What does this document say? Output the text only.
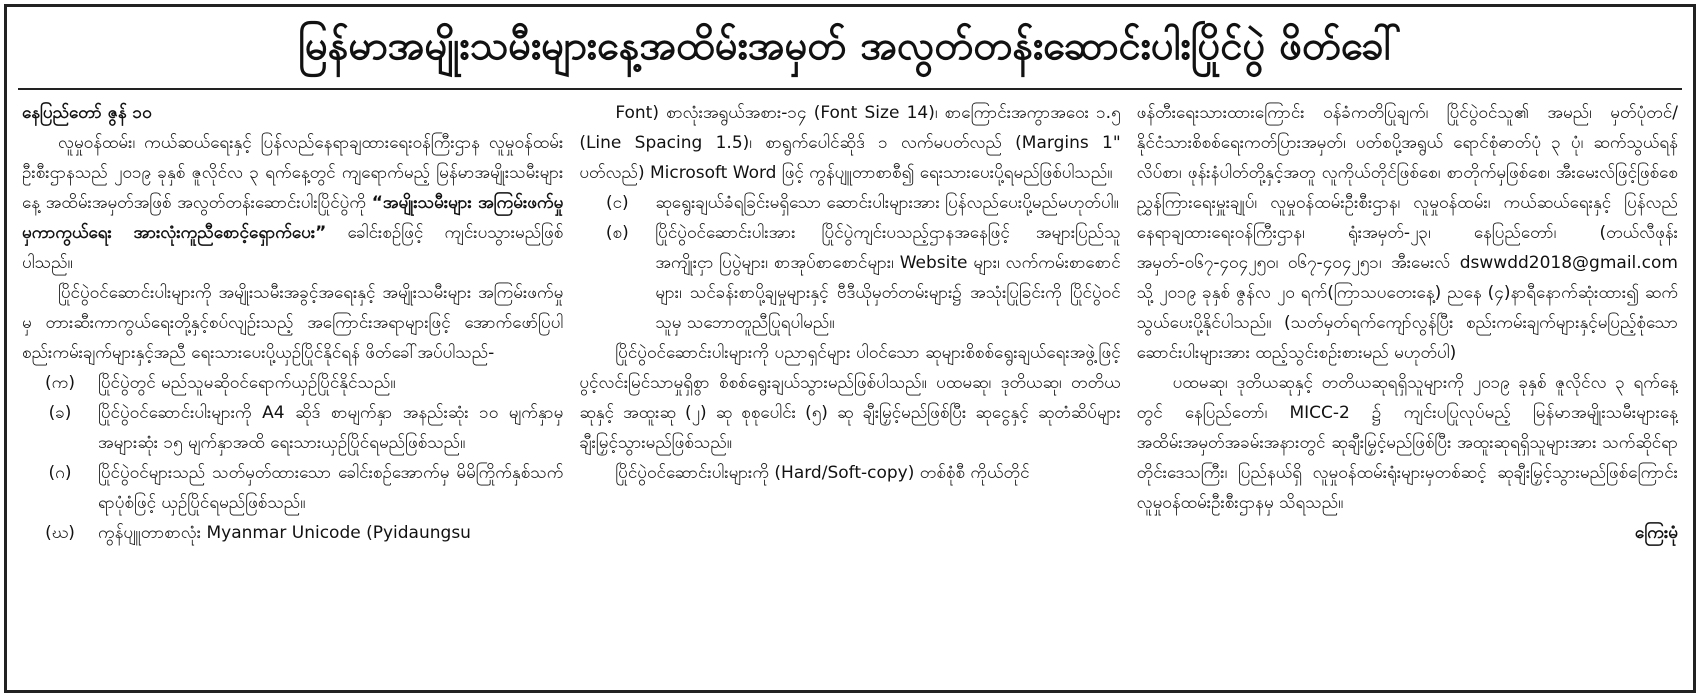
မြန်မာအမျိုးသမီးများနေ့အထိမ်းအမှတ် အလွတ်တန်းဆောင်းပါးပြိုင်ပွဲ ဖိတ်ခေါ်

နေပြည်တော် ဇွန် ၁၀

လူမှုဝန်ထမ်း၊ ကယ်ဆယ်ရေးနှင့် ပြန်လည်နေရာချထားရေးဝန်ကြီးဌာန လူမှုဝန်ထမ်းဦးစီးဌာနသည် ၂၀၁၉ ခုနှစ် ဇူလိုင်လ ၃ ရက်နေ့တွင် ကျရောက်မည့် မြန်မာအမျိုးသမီးများနေ့ အထိမ်းအမှတ်အဖြစ် အလွတ်တန်းဆောင်းပါးပြိုင်ပွဲကို “အမျိုးသမီးများ အကြမ်းဖက်မှုမှကာကွယ်ရေး အားလုံးကူညီစောင့်ရှောက်ပေး” ခေါင်းစဉ်ဖြင့် ကျင်းပသွားမည်ဖြစ်ပါသည်။

ပြိုင်ပွဲဝင်ဆောင်းပါးများကို အမျိုးသမီးအခွင့်အရေးနှင့် အမျိုးသမီးများ အကြမ်းဖက်မှုမှ တားဆီးကာကွယ်ရေးတို့နှင့်စပ်လျဉ်းသည့် အကြောင်းအရာများဖြင့် အောက်ဖော်ပြပါ စည်းကမ်းချက်များနှင့်အညီ ရေးသားပေးပို့ယှဉ်ပြိုင်နိုင်ရန် ဖိတ်ခေါ်အပ်ပါသည်-

(က)	ပြိုင်ပွဲတွင် မည်သူမဆိုဝင်ရောက်ယှဉ်ပြိုင်နိုင်သည်။
(ခ)	ပြိုင်ပွဲဝင်ဆောင်းပါးများကို A4 ဆိုဒ် စာမျက်နှာ အနည်းဆုံး ၁၀ မျက်နှာမှ အများဆုံး ၁၅ မျက်နှာအထိ ရေးသားယှဉ်ပြိုင်ရမည်ဖြစ်သည်။
(ဂ)	ပြိုင်ပွဲဝင်များသည် သတ်မှတ်ထားသော ခေါင်းစဉ်အောက်မှ မိမိကြိုက်နှစ်သက်ရာပုံစံဖြင့် ယှဉ်ပြိုင်ရမည်ဖြစ်သည်။
(ဃ)	ကွန်ပျူတာစာလုံး Myanmar Unicode (Pyidaungsu

Font) စာလုံးအရွယ်အစား-၁၄ (Font Size 14)၊ စာကြောင်းအကွာအဝေး ၁.၅ (Line Spacing 1.5)၊ စာရွက်ပေါင်ဆိုဒ် ၁ လက်မပတ်လည် (Margins 1" ပတ်လည်) Microsoft Word ဖြင့် ကွန်ပျူတာစာစီ၍ ရေးသားပေးပို့ရမည်ဖြစ်ပါသည်။

(င)	ဆုရွေးချယ်ခံရခြင်းမရှိသော ဆောင်းပါးများအား ပြန်လည်ပေးပို့မည်မဟုတ်ပါ။
(စ)	ပြိုင်ပွဲဝင်ဆောင်းပါးအား ပြိုင်ပွဲကျင်းပသည့်ဌာနအနေဖြင့် အများပြည်သူအကျိုးငှာ ပြပွဲများ၊ စာအုပ်စာစောင်များ၊ Website များ၊ လက်ကမ်းစာစောင်များ၊ သင်ခန်းစာပို့ချမှုများနှင့် ဗီဒီယိုမှတ်တမ်းများ၌ အသုံးပြုခြင်းကို ပြိုင်ပွဲဝင်သူမှ သဘောတူညီပြုရပါမည်။

ပြိုင်ပွဲဝင်ဆောင်းပါးများကို ပညာရှင်များ ပါဝင်သော ဆုများစိစစ်ရွေးချယ်ရေးအဖွဲ့ဖြင့် ပွင့်လင်းမြင်သာမှုရှိစွာ စိစစ်ရွေးချယ်သွားမည်ဖြစ်ပါသည်။ ပထမဆု၊ ဒုတိယဆု၊ တတိယဆုနှင့် အထူးဆု (၂) ဆု စုစုပေါင်း (၅) ဆု ချီးမြှင့်မည်ဖြစ်ပြီး ဆုငွေနှင့် ဆုတံဆိပ်များ ချီးမြှင့်သွားမည်ဖြစ်သည်။

ပြိုင်ပွဲဝင်ဆောင်းပါးများကို (Hard/Soft-copy) တစ်စုံစီ ကိုယ်တိုင်

ဖန်တီးရေးသားထားကြောင်း ဝန်ခံကတိပြုချက်၊ ပြိုင်ပွဲဝင်သူ၏ အမည်၊ မှတ်ပုံတင်/နိုင်ငံသားစိစစ်ရေးကတ်ပြားအမှတ်၊ ပတ်စပို့အရွယ် ရောင်စုံဓာတ်ပုံ ၃ ပုံ၊ ဆက်သွယ်ရန်လိပ်စာ၊ ဖုန်းနံပါတ်တို့နှင့်အတူ လူကိုယ်တိုင်ဖြစ်စေ၊ စာတိုက်မှဖြစ်စေ၊ အီးမေးလ်ဖြင့်ဖြစ်စေ ညွှန်ကြားရေးမှူးချုပ်၊ လူမှုဝန်ထမ်းဦးစီးဌာန၊ လူမှုဝန်ထမ်း၊ ကယ်ဆယ်ရေးနှင့် ပြန်လည်နေရာချထားရေးဝန်ကြီးဌာန၊ ရုံးအမှတ်-၂၃၊ နေပြည်တော်၊ (တယ်လီဖုန်းအမှတ်-၀၆၇-၄၀၄၂၅၀၊ ၀၆၇-၄၀၄၂၅၁၊ အီးမေးလ် dswwdd2018@gmail.com သို့ ၂၀၁၉ ခုနှစ် ဇွန်လ ၂၀ ရက်(ကြာသပတေးနေ့) ညနေ (၄)နာရီနောက်ဆုံးထား၍ ဆက်သွယ်ပေးပို့နိုင်ပါသည်။ (သတ်မှတ်ရက်ကျော်လွန်ပြီး စည်းကမ်းချက်များနှင့်မပြည့်စုံသော ဆောင်းပါးများအား ထည့်သွင်းစဉ်းစားမည် မဟုတ်ပါ)

ပထမဆု၊ ဒုတိယဆုနှင့် တတိယဆုရရှိသူများကို ၂၀၁၉ ခုနှစ် ဇူလိုင်လ ၃ ရက်နေ့တွင် နေပြည်တော်၊ MICC-2 ၌ ကျင်းပပြုလုပ်မည့် မြန်မာအမျိုးသမီးများနေ့အထိမ်းအမှတ်အခမ်းအနားတွင် ဆုချီးမြှင့်မည်ဖြစ်ပြီး အထူးဆုရရှိသူများအား သက်ဆိုင်ရာ တိုင်းဒေသကြီး၊ ပြည်နယ်ရှိ လူမှုဝန်ထမ်းရုံးများမှတစ်ဆင့် ဆုချီးမြှင့်သွားမည်ဖြစ်ကြောင်း လူမှုဝန်ထမ်းဦးစီးဌာနမှ သိရသည်။

ကြေးမုံ
